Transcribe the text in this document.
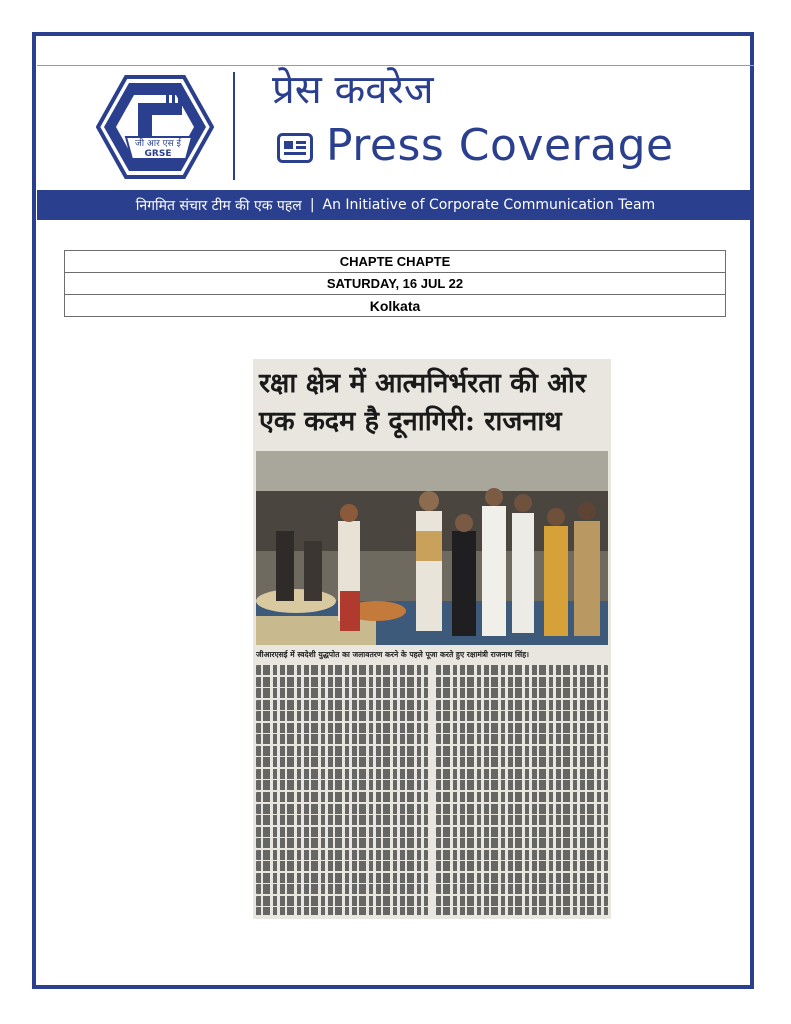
जी आर एस ई
GRSE
प्रेस कवरेज
Press Coverage
निगमित संचार टीम की एक पहल | An Initiative of Corporate Communication Team
CHAPTE CHAPTE
SATURDAY, 16 JUL 22
Kolkata
रक्षा क्षेत्र में आत्मनिर्भरता की ओर एक कदम है दूनागिरी: राजनाथ
जीआरएसई में स्वदेशी युद्धपोत का जलावतरण करने के पहले पूजा करते हुए रक्षामंत्री राजनाथ सिंह।
